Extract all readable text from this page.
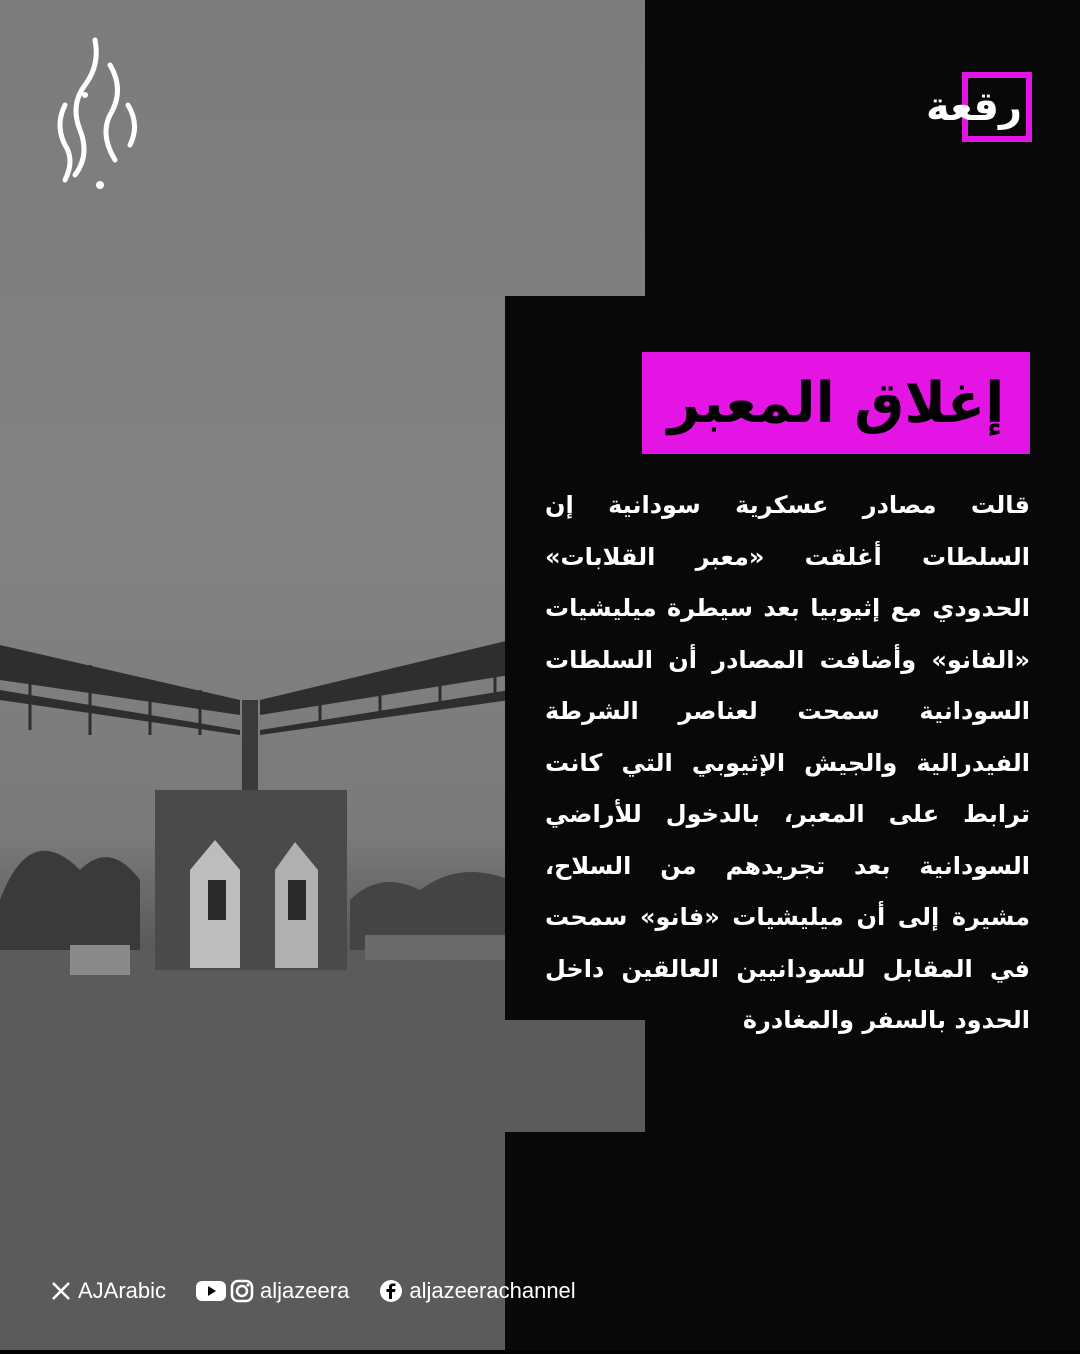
رقعة
إغلاق المعبر
قالت مصادر عسكرية سودانية إن السلطات أغلقت «معبر القلابات» الحدودي مع إثيوبيا بعد سيطرة ميليشيات «الفانو» وأضافت المصادر أن السلطات السودانية سمحت لعناصر الشرطة الفيدرالية والجيش الإثيوبي التي كانت ترابط على المعبر، بالدخول للأراضي السودانية بعد تجريدهم من السلاح، مشيرة إلى أن ميليشيات «فانو» سمحت في المقابل للسودانيين العالقين داخل الحدود بالسفر والمغادرة
AJArabic	aljazeera	aljazeerachannel
